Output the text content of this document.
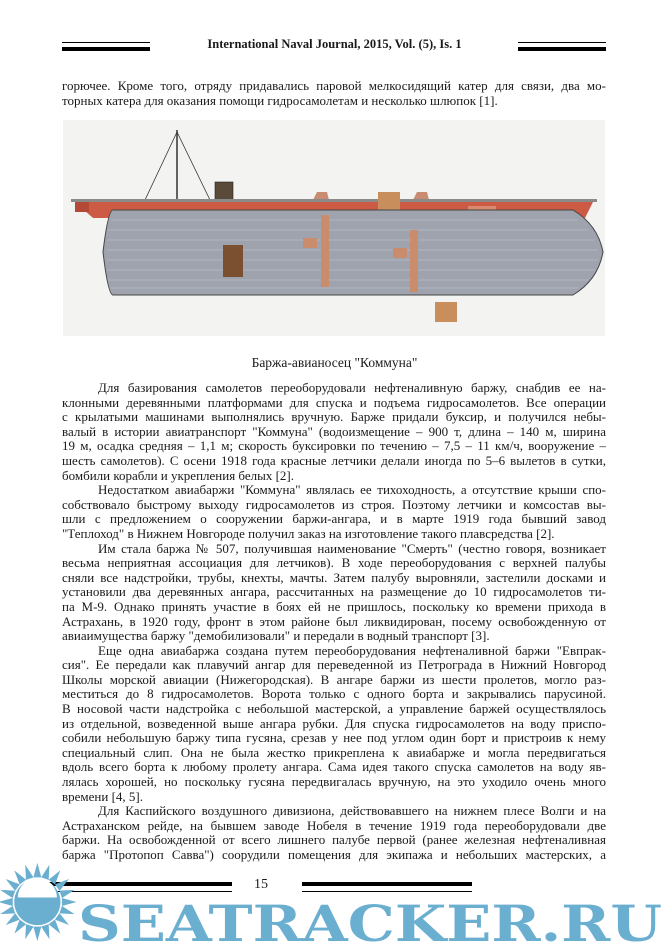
International Naval Journal, 2015, Vol. (5), Is. 1
горючее. Кроме того, отряду придавались паровой мелкосидящий катер для связи, два мо-
торных катера для оказания помощи гидросамолетам и несколько шлюпок [1].
Баржа-авианосец "Коммуна"
Для базирования самолетов переоборудовали нефтеналивную баржу, снабдив ее на-
клонными деревянными платформами для спуска и подъема гидросамолетов. Все операции
с крылатыми машинами выполнялись вручную. Барже придали буксир, и получился небы-
валый в истории авиатранспорт "Коммуна" (водоизмещение – 900 т, длина – 140 м, ширина
19 м, осадка средняя – 1,1 м; скорость буксировки по течению – 7,5 – 11 км/ч, вооружение –
шесть самолетов). С осени 1918 года красные летчики делали иногда по 5–6 вылетов в сутки,
бомбили корабли и укрепления белых [2].
Недостатком авиабаржи "Коммуна" являлась ее тихоходность, а отсутствие крыши спо-
собствовало быстрому выходу гидросамолетов из строя. Поэтому летчики и комсостав вы-
шли с предложением о сооружении баржи-ангара, и в марте 1919 года бывший завод
"Теплоход" в Нижнем Новгороде получил заказ на изготовление такого плавсредства [2].
Им стала баржа № 507, получившая наименование "Смерть" (честно говоря, возникает
весьма неприятная ассоциация для летчиков). В ходе переоборудования с верхней палубы
сняли все надстройки, трубы, кнехты, мачты. Затем палубу выровняли, застелили досками и
установили два деревянных ангара, рассчитанных на размещение до 10 гидросамолетов ти-
па М-9. Однако принять участие в боях ей не пришлось, поскольку ко времени прихода в
Астрахань, в 1920 году, фронт в этом районе был ликвидирован, посему освобожденную от
авиаимущества баржу "демобилизовали" и передали в водный транспорт [3].
Еще одна авиабаржа создана путем переоборудования нефтеналивной баржи "Евпрак-
сия". Ее передали как плавучий ангар для переведенной из Петрограда в Нижний Новгород
Школы морской авиации (Нижегородская). В ангаре баржи из шести пролетов, могло раз-
меститься до 8 гидросамолетов. Ворота только с одного борта и закрывались парусиной.
В носовой части надстройка с небольшой мастерской, а управление баржей осуществлялось
из отдельной, возведенной выше ангара рубки. Для спуска гидросамолетов на воду приспо-
собили небольшую баржу типа гусяна, срезав у нее под углом один борт и пристроив к нему
специальный слип. Она не была жестко прикреплена к авиабарже и могла передвигаться
вдоль всего борта к любому пролету ангара. Сама идея такого спуска самолетов на воду яв-
лялась хорошей, но поскольку гусяна передвигалась вручную, на это уходило очень много
времени [4, 5].
Для Каспийского воздушного дивизиона, действовавшего на нижнем плесе Волги и на
Астраханском рейде, на бывшем заводе Нобеля в течение 1919 года переоборудовали две
баржи. На освобожденной от всего лишнего палубе первой (ранее железная нефтеналивная
баржа "Протопоп Савва") соорудили помещения для экипажа и небольших мастерских, а
15
SEATRACKER.RU
